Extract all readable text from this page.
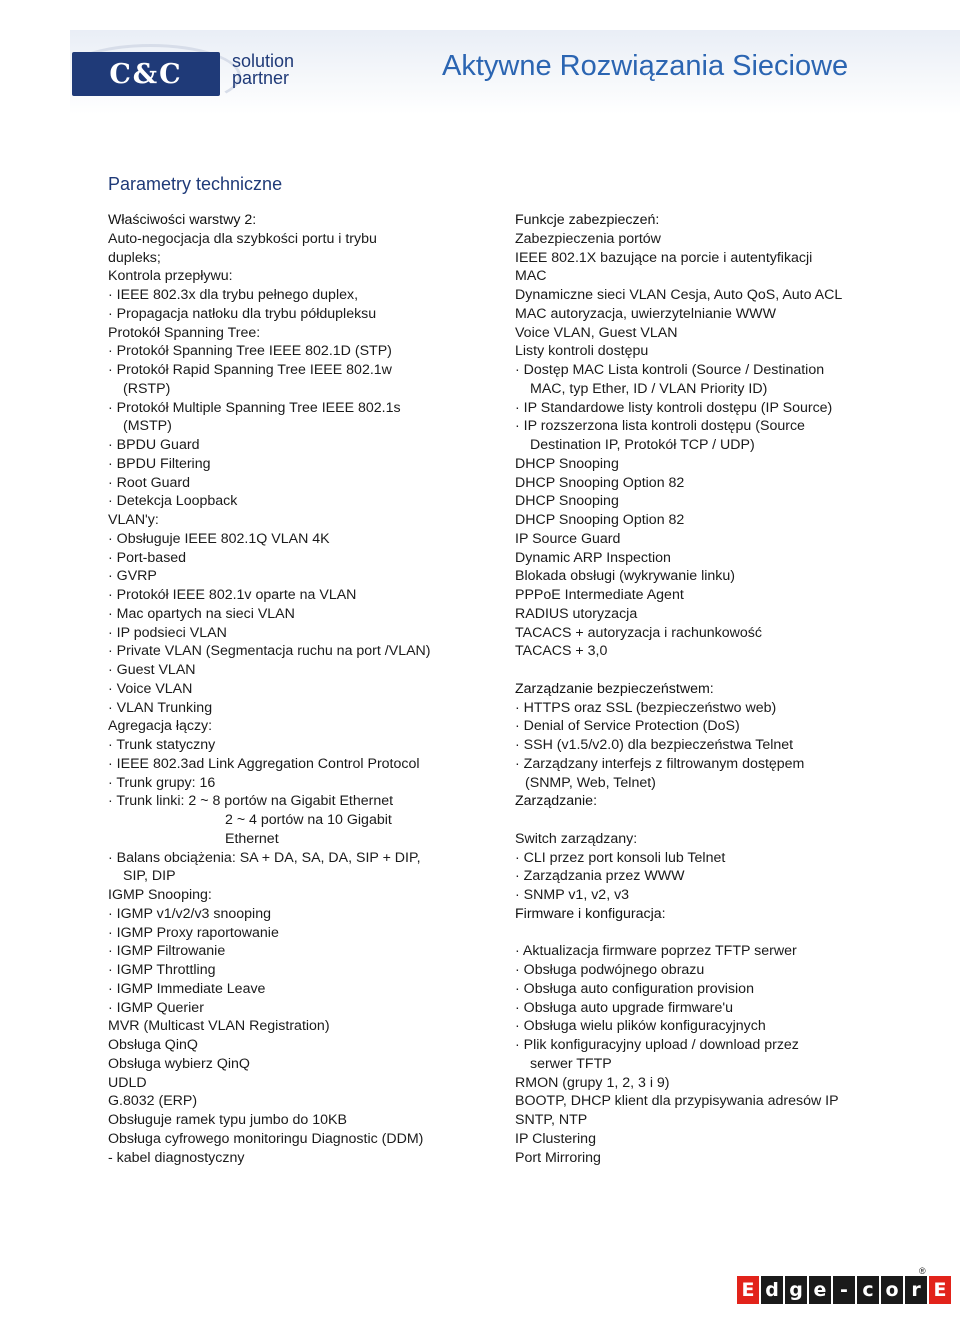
C&C	solution
partner	Aktywne Rozwiązania Sieciowe
Parametry techniczne
Właściwości warstwy 2:
Auto-negocjacja dla szybkości portu i trybu
dupleks;
Kontrola przepływu:
· IEEE 802.3x dla trybu pełnego duplex,
· Propagacja natłoku dla trybu półdupleksu
Protokół Spanning Tree:
· Protokół Spanning Tree IEEE 802.1D (STP)
· Protokół Rapid Spanning Tree IEEE 802.1w
(RSTP)
· Protokół Multiple Spanning Tree IEEE 802.1s
(MSTP)
· BPDU Guard
· BPDU Filtering
· Root Guard
· Detekcja Loopback
VLAN'y:
· Obsługuje IEEE 802.1Q VLAN 4K
· Port-based
· GVRP
· Protokół IEEE 802.1v oparte na VLAN
· Mac opartych na sieci VLAN
· IP podsieci VLAN
· Private VLAN (Segmentacja ruchu na port /VLAN)
· Guest VLAN
· Voice VLAN
· VLAN Trunking
Agregacja łączy:
· Trunk statyczny
· IEEE 802.3ad Link Aggregation Control Protocol
· Trunk grupy: 16
· Trunk linki: 2 ~ 8 portów na Gigabit Ethernet
2 ~ 4 portów na 10 Gigabit
Ethernet
· Balans obciążenia: SA + DA, SA, DA, SIP + DIP,
SIP, DIP
IGMP Snooping:
· IGMP v1/v2/v3 snooping
· IGMP Proxy raportowanie
· IGMP Filtrowanie
· IGMP Throttling
· IGMP Immediate Leave
· IGMP Querier
MVR (Multicast VLAN Registration)
Obsługa QinQ
Obsługa wybierz QinQ
UDLD
G.8032 (ERP)
Obsługuje ramek typu jumbo do 10KB
Obsługa cyfrowego monitoringu Diagnostic (DDM)
- kabel diagnostyczny
Funkcje zabezpieczeń:
Zabezpieczenia portów
IEEE 802.1X bazujące na porcie i autentyfikacji
MAC
Dynamiczne sieci VLAN Cesja, Auto QoS, Auto ACL
MAC autoryzacja, uwierzytelnianie WWW
Voice VLAN, Guest VLAN
Listy kontroli dostępu
· Dostęp MAC Lista kontroli (Source / Destination
MAC, typ Ether, ID / VLAN Priority ID)
· IP Standardowe listy kontroli dostępu (IP Source)
· IP rozszerzona lista kontroli dostępu (Source
Destination IP, Protokół TCP / UDP)
DHCP Snooping
DHCP Snooping Option 82
DHCP Snooping
DHCP Snooping Option 82
IP Source Guard
Dynamic ARP Inspection
Blokada obsługi (wykrywanie linku)
PPPoE Intermediate Agent
RADIUS utoryzacja
TACACS + autoryzacja i rachunkowość
TACACS + 3,0

Zarządzanie bezpieczeństwem:
· HTTPS oraz SSL (bezpieczeństwo web)
· Denial of Service Protection (DoS)
· SSH (v1.5/v2.0) dla bezpieczeństwa Telnet
· Zarządzany interfejs z filtrowanym dostępem
(SNMP, Web, Telnet)
Zarządzanie:

Switch zarządzany:
· CLI przez port konsoli lub Telnet
· Zarządzania przez WWW
· SNMP v1, v2, v3
Firmware i konfiguracja:

· Aktualizacja firmware poprzez TFTP serwer
· Obsługa podwójnego obrazu
· Obsługa auto configuration provision
· Obsługa auto upgrade firmware'u
· Obsługa wielu plików konfiguracyjnych
· Plik konfiguracyjny upload / download przez
serwer TFTP
RMON (grupy 1, 2, 3 i 9)
BOOTP, DHCP klient dla przypisywania adresów IP
SNTP, NTP
IP Clustering
Port Mirroring
E d g e - c o r E
®
